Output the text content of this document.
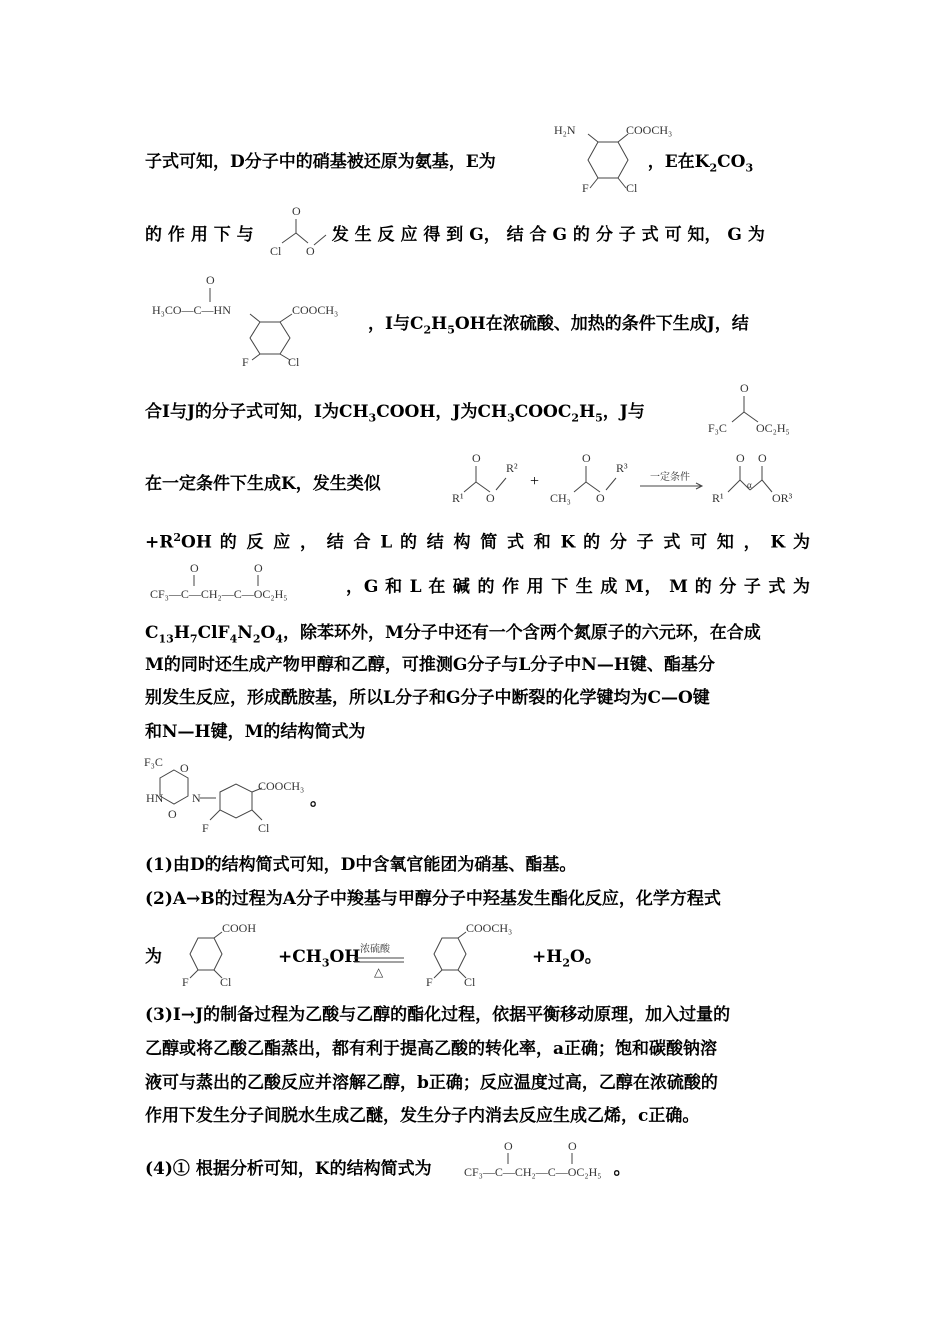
子式可知，D分子中的硝基被还原为氨基，E为	，E在$K_2CO_3$
H₂N	COOCH₃
F	Cl
的 作 用 下 与	发 生 反 应 得 到 G， 结 合 G 的 分 子 式 可 知， G 为
O
Cl O
O
H₃CO—C—HN	COOCH₃
F	Cl
，I与$C_2H_5OH$在浓硫酸、加热的条件下生成J，结
合I与J的分子式可知，I为$CH_3COOH$，J为$CH_3COOC_2H_5$，J与
O
F₃C OC₂H₅
在一定条件下生成K，发生类似
O
R²
R¹ O
+
O
R³
CH₃ O
一定条件
O O
α
R¹	OR³
$+R^2OH$ 的 反 应 ， 结 合 L 的 结 构 简 式 和 K 的 分 子 式 可 知 ， K 为
O	O
CF₃—C—CH₂—C—OC₂H₅	，G 和 L 在 碱 的 作 用 下 生 成 M， M 的 分 子 式 为
$C_{13}H_7ClF_4N_2O_4$，除苯环外，M分子中还有一个含两个氮原子的六元环，在合成
M的同时还生成产物甲醇和乙醇，可推测G分子与L分子中N—H键、酯基分
别发生反应，形成酰胺基，所以L分子和G分子中断裂的化学键均为C—O键
和N—H键，M的结构简式为
F₃C O
HN N
O
COOCH₃
F	Cl
。
(1)由D的结构简式可知，D中含氧官能团为硝基、酯基。
(2)A→B的过程为A分子中羧基与甲醇分子中羟基发生酯化反应，化学方程式
为
COOH
F	Cl
$+CH_3OH$ 浓硫酸
△
COOCH₃
F	Cl
$+H_2O$。
(3)I→J的制备过程为乙酸与乙醇的酯化过程，依据平衡移动原理，加入过量的
乙醇或将乙酸乙酯蒸出，都有利于提高乙酸的转化率，a正确；饱和碳酸钠溶
液可与蒸出的乙酸反应并溶解乙醇，b正确；反应温度过高，乙醇在浓硫酸的
作用下发生分子间脱水生成乙醚，发生分子内消去反应生成乙烯，c正确。
(4)① 根据分析可知，K的结构简式为	。
O	O
CF₃—C—CH₂—C—OC₂H₅
